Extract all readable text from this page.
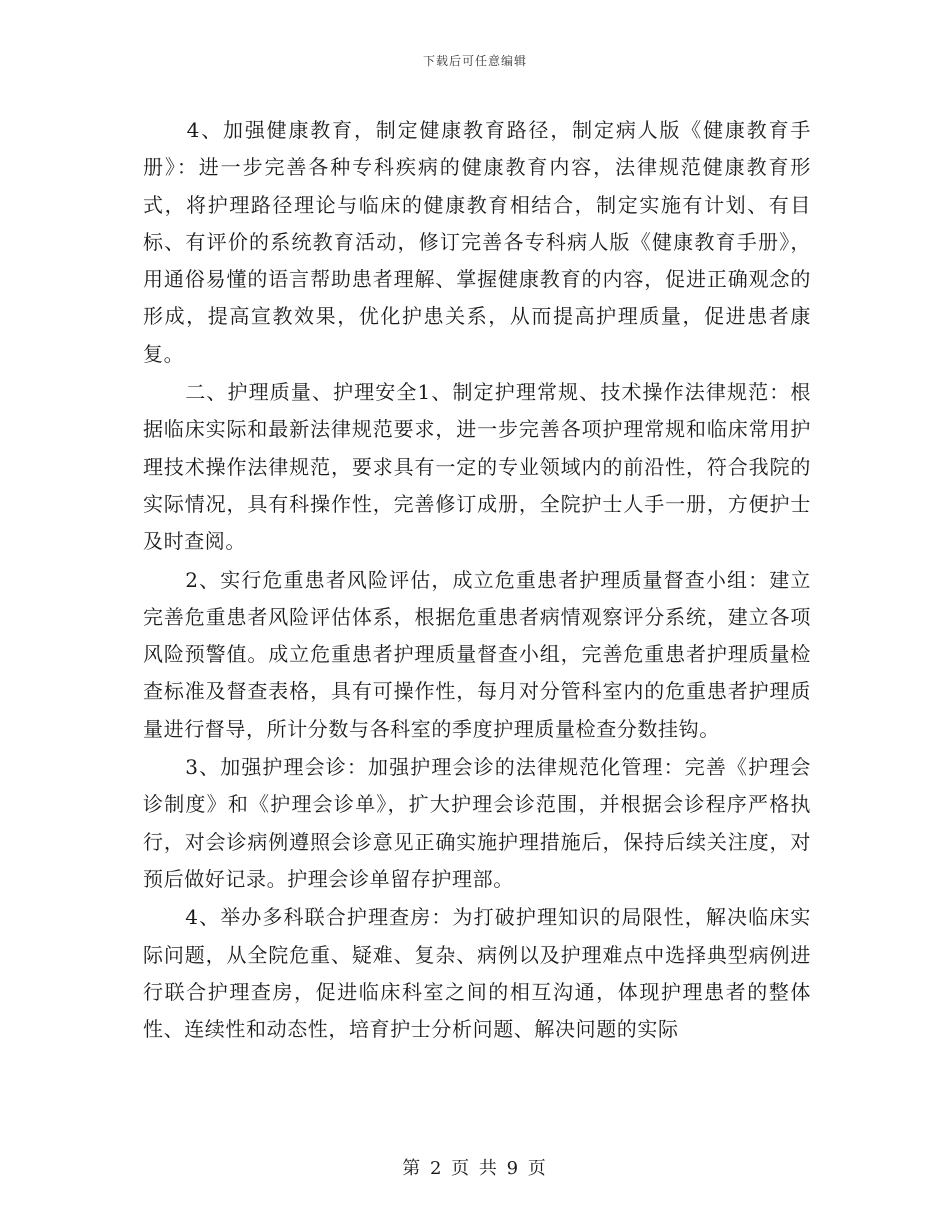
下载后可任意编辑

　　4、加强健康教育，制定健康教育路径，制定病人版《健康教育手册》：进一步完善各种专科疾病的健康教育内容，法律规范健康教育形式，将护理路径理论与临床的健康教育相结合，制定实施有计划、有目标、有评价的系统教育活动，修订完善各专科病人版《健康教育手册》，用通俗易懂的语言帮助患者理解、掌握健康教育的内容，促进正确观念的形成，提高宣教效果，优化护患关系，从而提高护理质量，促进患者康复。

　　二、护理质量、护理安全1、制定护理常规、技术操作法律规范：根据临床实际和最新法律规范要求，进一步完善各项护理常规和临床常用护理技术操作法律规范，要求具有一定的专业领域内的前沿性，符合我院的实际情况，具有科操作性，完善修订成册，全院护士人手一册，方便护士及时查阅。

　　2、实行危重患者风险评估，成立危重患者护理质量督查小组：建立完善危重患者风险评估体系，根据危重患者病情观察评分系统，建立各项风险预警值。成立危重患者护理质量督查小组，完善危重患者护理质量检查标准及督查表格，具有可操作性，每月对分管科室内的危重患者护理质量进行督导，所计分数与各科室的季度护理质量检查分数挂钩。

　　3、加强护理会诊：加强护理会诊的法律规范化管理：完善《护理会诊制度》和《护理会诊单》，扩大护理会诊范围，并根据会诊程序严格执行，对会诊病例遵照会诊意见正确实施护理措施后，保持后续关注度，对预后做好记录。护理会诊单留存护理部。

　　4、举办多科联合护理查房：为打破护理知识的局限性，解决临床实际问题，从全院危重、疑难、复杂、病例以及护理难点中选择典型病例进行联合护理查房，促进临床科室之间的相互沟通，体现护理患者的整体性、连续性和动态性，培育护士分析问题、解决问题的实际

第 2 页 共 9 页
